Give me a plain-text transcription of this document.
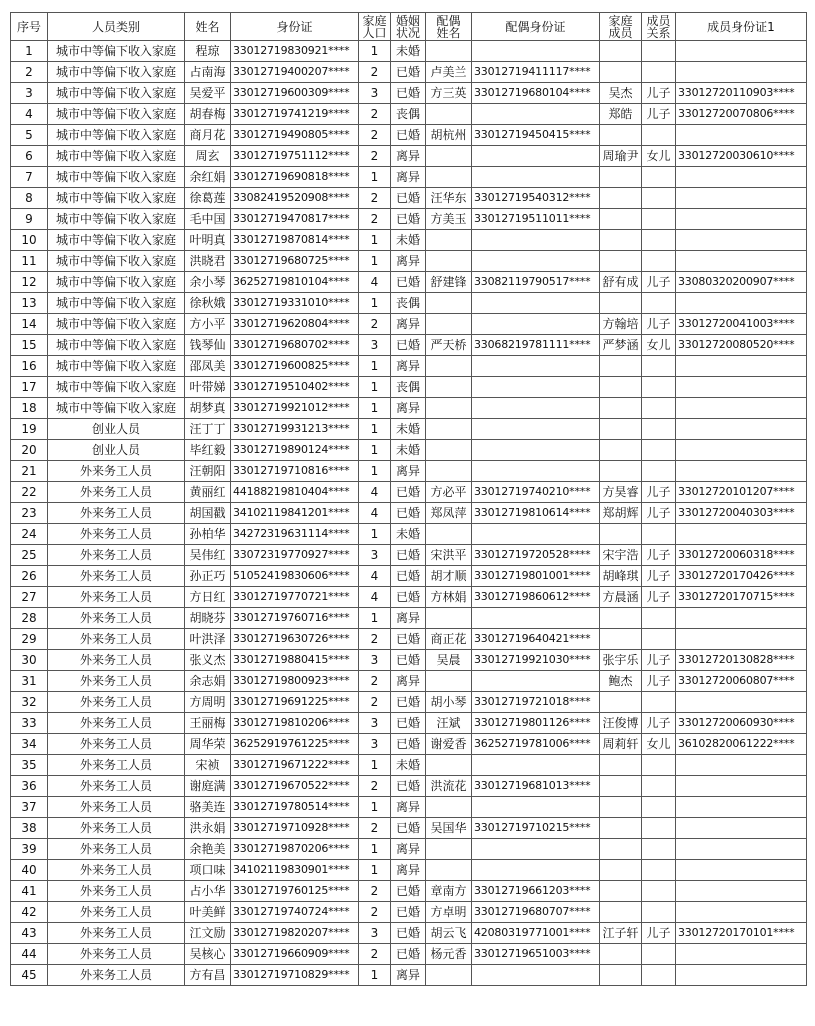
序号	人员类别	姓名	身份证	家庭人口	婚姻状况	配偶姓名	配偶身份证	家庭成员	成员关系	成员身份证1
1	城市中等偏下收入家庭	程琼	33012719830921****	1	未婚					
2	城市中等偏下收入家庭	占南海	33012719400207****	2	已婚	卢美兰	33012719411117****			
3	城市中等偏下收入家庭	吴爱平	33012719600309****	3	已婚	方三英	33012719680104****	吴杰	儿子	33012720110903****
4	城市中等偏下收入家庭	胡春梅	33012719741219****	2	丧偶			郑皓	儿子	33012720070806****
5	城市中等偏下收入家庭	商月花	33012719490805****	2	已婚	胡杭州	33012719450415****			
6	城市中等偏下收入家庭	周玄	33012719751112****	2	离异			周瑜尹	女儿	33012720030610****
7	城市中等偏下收入家庭	余红娟	33012719690818****	1	离异					
8	城市中等偏下收入家庭	徐葛莲	33082419520908****	2	已婚	汪华东	33012719540312****			
9	城市中等偏下收入家庭	毛中国	33012719470817****	2	已婚	方美玉	33012719511011****			
10	城市中等偏下收入家庭	叶明真	33012719870814****	1	未婚					
11	城市中等偏下收入家庭	洪晓君	33012719680725****	1	离异					
12	城市中等偏下收入家庭	余小琴	36252719810104****	4	已婚	舒建锋	33082119790517****	舒有成	儿子	33080320200907****
13	城市中等偏下收入家庭	徐秋娥	33012719331010****	1	丧偶					
14	城市中等偏下收入家庭	方小平	33012719620804****	2	离异			方翰培	儿子	33012720041003****
15	城市中等偏下收入家庭	钱琴仙	33012719680702****	3	已婚	严天桥	33068219781111****	严梦涵	女儿	33012720080520****
16	城市中等偏下收入家庭	邵凤美	33012719600825****	1	离异					
17	城市中等偏下收入家庭	叶带娣	33012719510402****	1	丧偶					
18	城市中等偏下收入家庭	胡梦真	33012719921012****	1	离异					
19	创业人员	汪丁丁	33012719931213****	1	未婚					
20	创业人员	毕红毅	33012719890124****	1	未婚					
21	外来务工人员	汪朝阳	33012719710816****	1	离异					
22	外来务工人员	黄丽红	44188219810404****	4	已婚	方必平	33012719740210****	方昊睿	儿子	33012720101207****
23	外来务工人员	胡国戳	34102119841201****	4	已婚	郑凤萍	33012719810614****	郑胡辉	儿子	33012720040303****
24	外来务工人员	孙柏华	34272319631114****	1	未婚					
25	外来务工人员	吴伟红	33072319770927****	3	已婚	宋洪平	33012719720528****	宋宇浩	儿子	33012720060318****
26	外来务工人员	孙正巧	51052419830606****	4	已婚	胡才顺	33012719801001****	胡峰琪	儿子	33012720170426****
27	外来务工人员	方日红	33012719770721****	4	已婚	方林娟	33012719860612****	方晨涵	儿子	33012720170715****
28	外来务工人员	胡晓芬	33012719760716****	1	离异					
29	外来务工人员	叶洪泽	33012719630726****	2	已婚	商正花	33012719640421****			
30	外来务工人员	张义杰	33012719880415****	3	已婚	吴晨	33012719921030****	张宇乐	儿子	33012720130828****
31	外来务工人员	余志娟	33012719800923****	2	离异			鲍杰	儿子	33012720060807****
32	外来务工人员	方周明	33012719691225****	2	已婚	胡小琴	33012719721018****			
33	外来务工人员	王丽梅	33012719810206****	3	已婚	汪斌	33012719801126****	汪俊博	儿子	33012720060930****
34	外来务工人员	周华荣	36252919761225****	3	已婚	谢爱香	36252719781006****	周莉轩	女儿	36102820061222****
35	外来务工人员	宋祯	33012719671222****	1	未婚					
36	外来务工人员	谢庭满	33012719670522****	2	已婚	洪流花	33012719681013****			
37	外来务工人员	骆美连	33012719780514****	1	离异					
38	外来务工人员	洪永娟	33012719710928****	2	已婚	吴国华	33012719710215****			
39	外来务工人员	余艳美	33012719870206****	1	离异					
40	外来务工人员	项口味	34102119830901****	1	离异					
41	外来务工人员	占小华	33012719760125****	2	已婚	章南方	33012719661203****			
42	外来务工人员	叶美鲜	33012719740724****	2	已婚	方卓明	33012719680707****			
43	外来务工人员	江文励	33012719820207****	3	已婚	胡云飞	42080319771001****	江子轩	儿子	33012720170101****
44	外来务工人员	吴核心	33012719660909****	2	已婚	杨元香	33012719651003****			
45	外来务工人员	方有昌	33012719710829****	1	离异					
